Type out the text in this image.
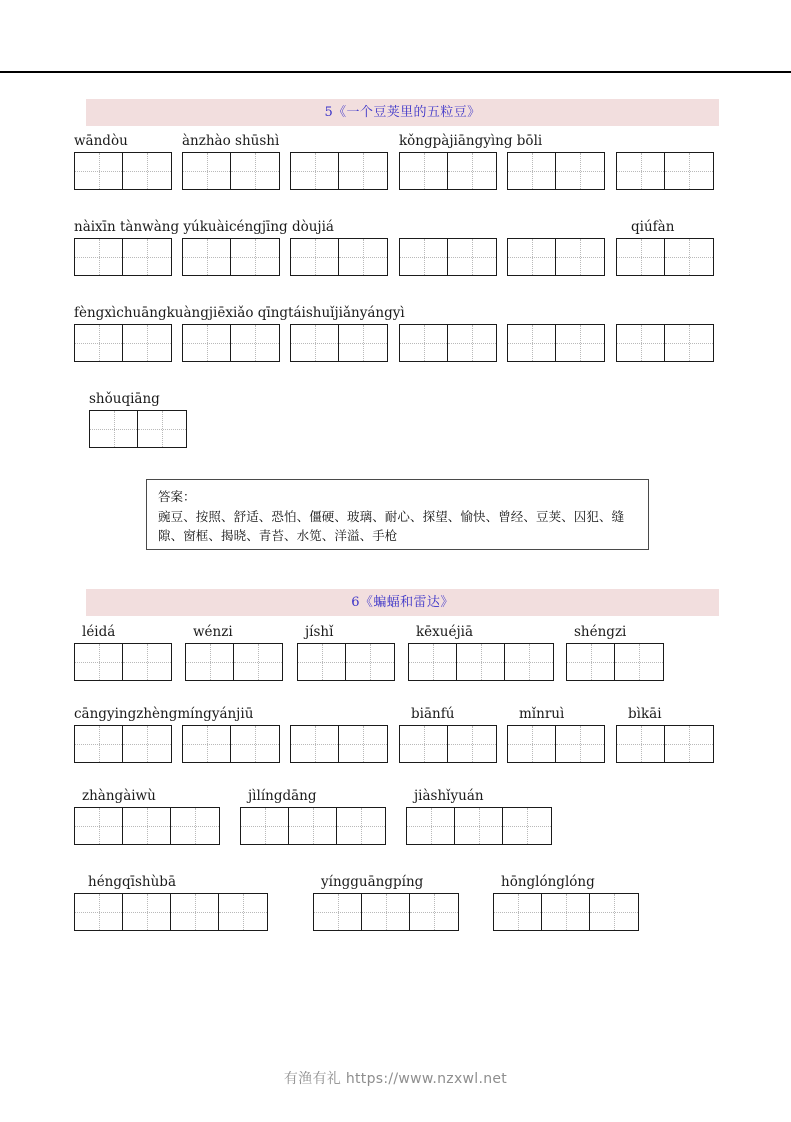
5《一个豆荚里的五粒豆》
wāndòu	ànzhào shūshì	kǒngpàjiāngyìng bōli
nàixīn tànwàng yúkuàicéngjīng dòujiá	qiúfàn
fèngxìchuāngkuàngjiēxiǎo qīngtáishuǐjiǎnyángyì
shǒuqiāng
答案：
豌豆、按照、舒适、恐怕、僵硬、玻璃、耐心、探望、愉快、曾经、豆荚、囚犯、缝隙、窗框、揭晓、青苔、水笕、洋溢、手枪
6《蝙蝠和雷达》
léidá	wénzi	jíshǐ	kēxuéjiā	shéngzi
cāngyingzhèngmíngyánjiū	biānfú	mǐnruì	bìkāi
zhàngàiwù	jìlíngdāng	jiàshǐyuán
héngqīshùbā	yíngguāngpíng	hōnglónglóng
有渔有礼 https://www.nzxwl.net
